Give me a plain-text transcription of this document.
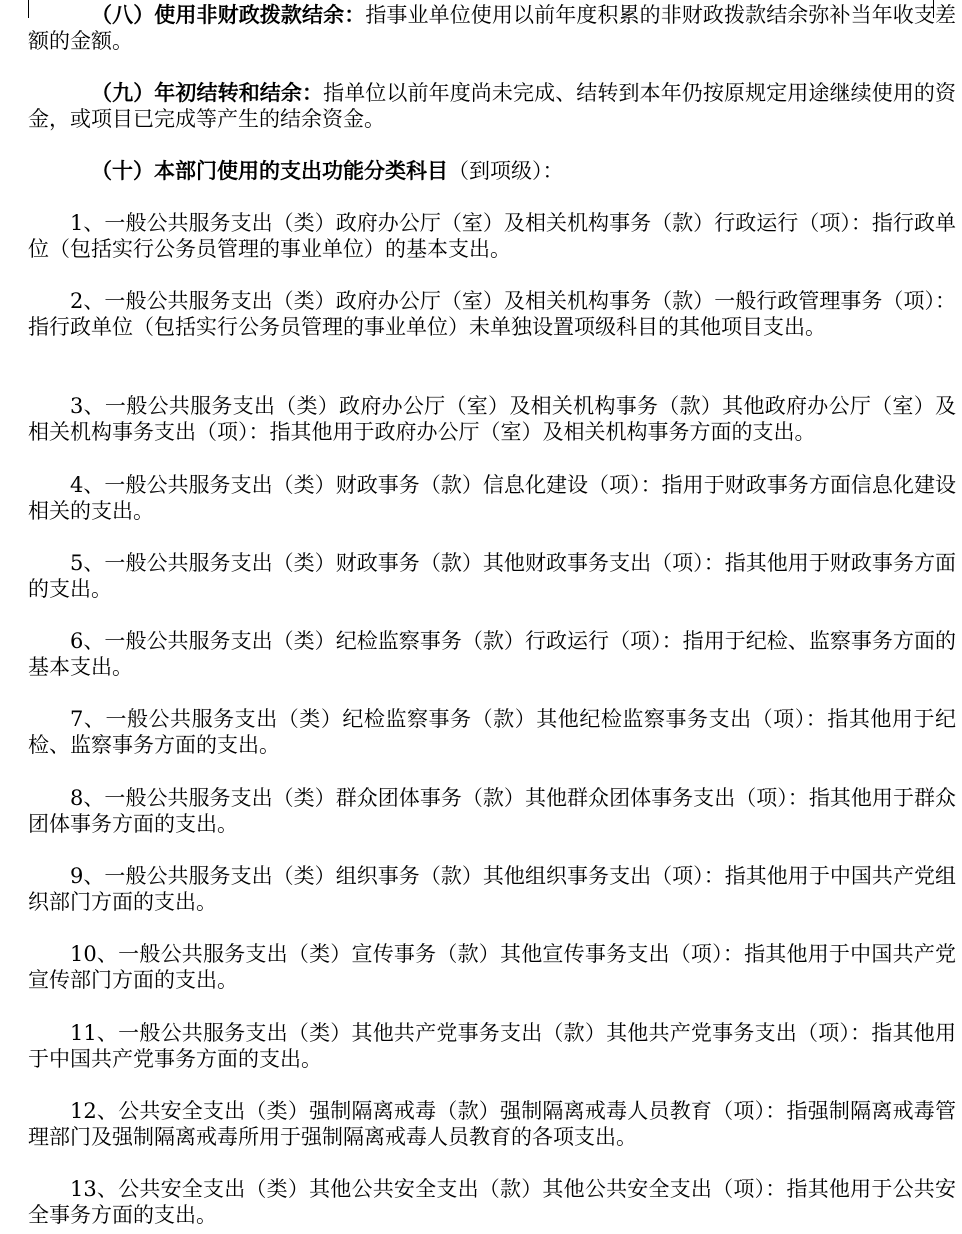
（八）使用非财政拨款结余：指事业单位使用以前年度积累的非财政拨款结余弥补当年收支差额的金额。

（九）年初结转和结余：指单位以前年度尚未完成、结转到本年仍按原规定用途继续使用的资金，或项目已完成等产生的结余资金。

（十）本部门使用的支出功能分类科目（到项级）：

1、一般公共服务支出（类）政府办公厅（室）及相关机构事务（款）行政运行（项）：指行政单位（包括实行公务员管理的事业单位）的基本支出。

2、一般公共服务支出（类）政府办公厅（室）及相关机构事务（款）一般行政管理事务（项）：指行政单位（包括实行公务员管理的事业单位）未单独设置项级科目的其他项目支出。

3、一般公共服务支出（类）政府办公厅（室）及相关机构事务（款）其他政府办公厅（室）及相关机构事务支出（项）：指其他用于政府办公厅（室）及相关机构事务方面的支出。

4、一般公共服务支出（类）财政事务（款）信息化建设（项）：指用于财政事务方面信息化建设相关的支出。

5、一般公共服务支出（类）财政事务（款）其他财政事务支出（项）：指其他用于财政事务方面的支出。

6、一般公共服务支出（类）纪检监察事务（款）行政运行（项）：指用于纪检、监察事务方面的基本支出。

7、一般公共服务支出（类）纪检监察事务（款）其他纪检监察事务支出（项）：指其他用于纪检、监察事务方面的支出。

8、一般公共服务支出（类）群众团体事务（款）其他群众团体事务支出（项）：指其他用于群众团体事务方面的支出。

9、一般公共服务支出（类）组织事务（款）其他组织事务支出（项）：指其他用于中国共产党组织部门方面的支出。

10、一般公共服务支出（类）宣传事务（款）其他宣传事务支出（项）：指其他用于中国共产党宣传部门方面的支出。

11、一般公共服务支出（类）其他共产党事务支出（款）其他共产党事务支出（项）：指其他用于中国共产党事务方面的支出。

12、公共安全支出（类）强制隔离戒毒（款）强制隔离戒毒人员教育（项）：指强制隔离戒毒管理部门及强制隔离戒毒所用于强制隔离戒毒人员教育的各项支出。

13、公共安全支出（类）其他公共安全支出（款）其他公共安全支出（项）：指其他用于公共安全事务方面的支出。
